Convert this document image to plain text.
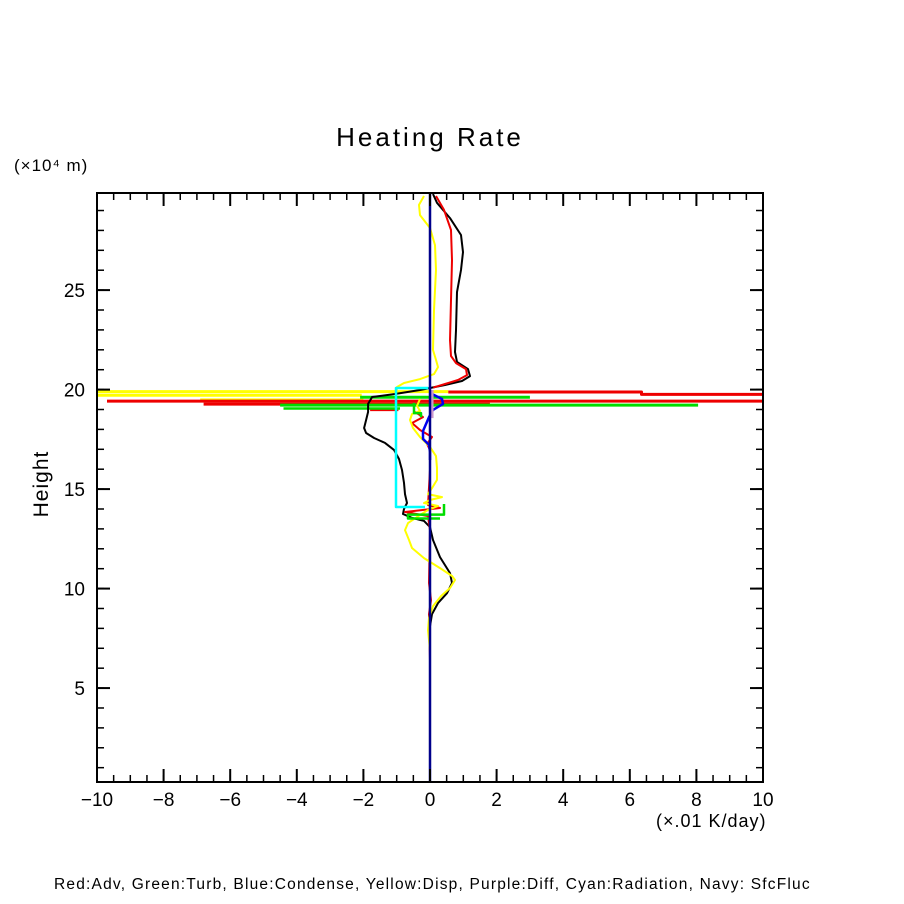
(×10⁴ m)
Heating Rate
Height
−10 −8 −6 −4 −2	0	2	4	6	8	10
5
10
15
20
25
(×.01 K/day)
Red:Adv, Green:Turb, Blue:Condense, Yellow:Disp, Purple:Diff, Cyan:Radiation, Navy: SfcFluc
